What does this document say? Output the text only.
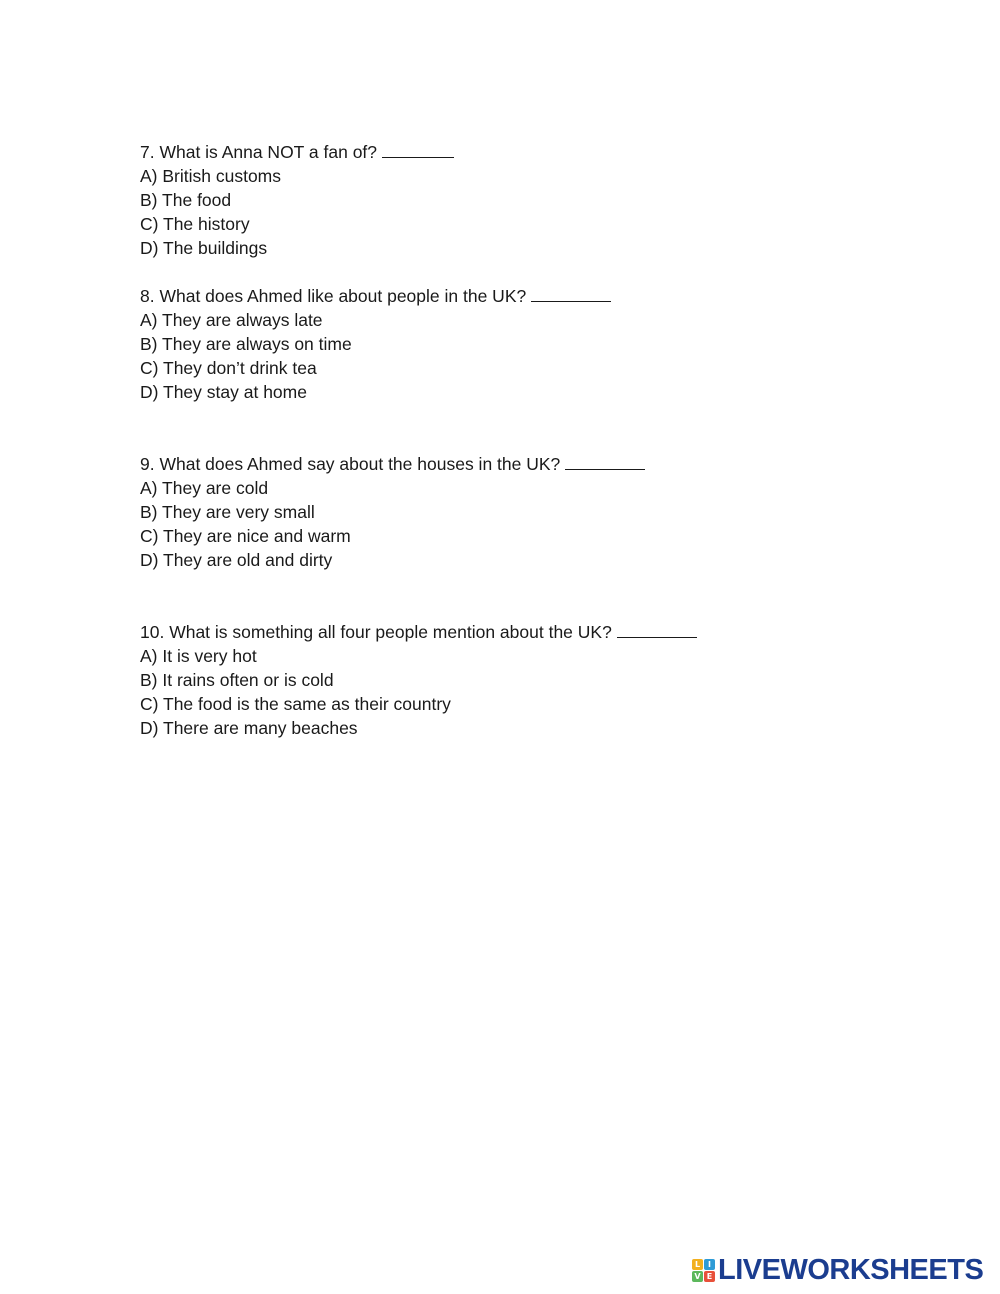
7. What is Anna NOT a fan of?
A) British customs
B) The food
C) The history
D) The buildings
8. What does Ahmed like about people in the UK?
A) They are always late
B) They are always on time
C) They don’t drink tea
D) They stay at home
9. What does Ahmed say about the houses in the UK?
A) They are cold
B) They are very small
C) They are nice and warm
D) They are old and dirty
10. What is something all four people mention about the UK?
A) It is very hot
B) It rains often or is cold
C) The food is the same as their country
D) There are many beaches
L I
V E LIVEWORKSHEETS
